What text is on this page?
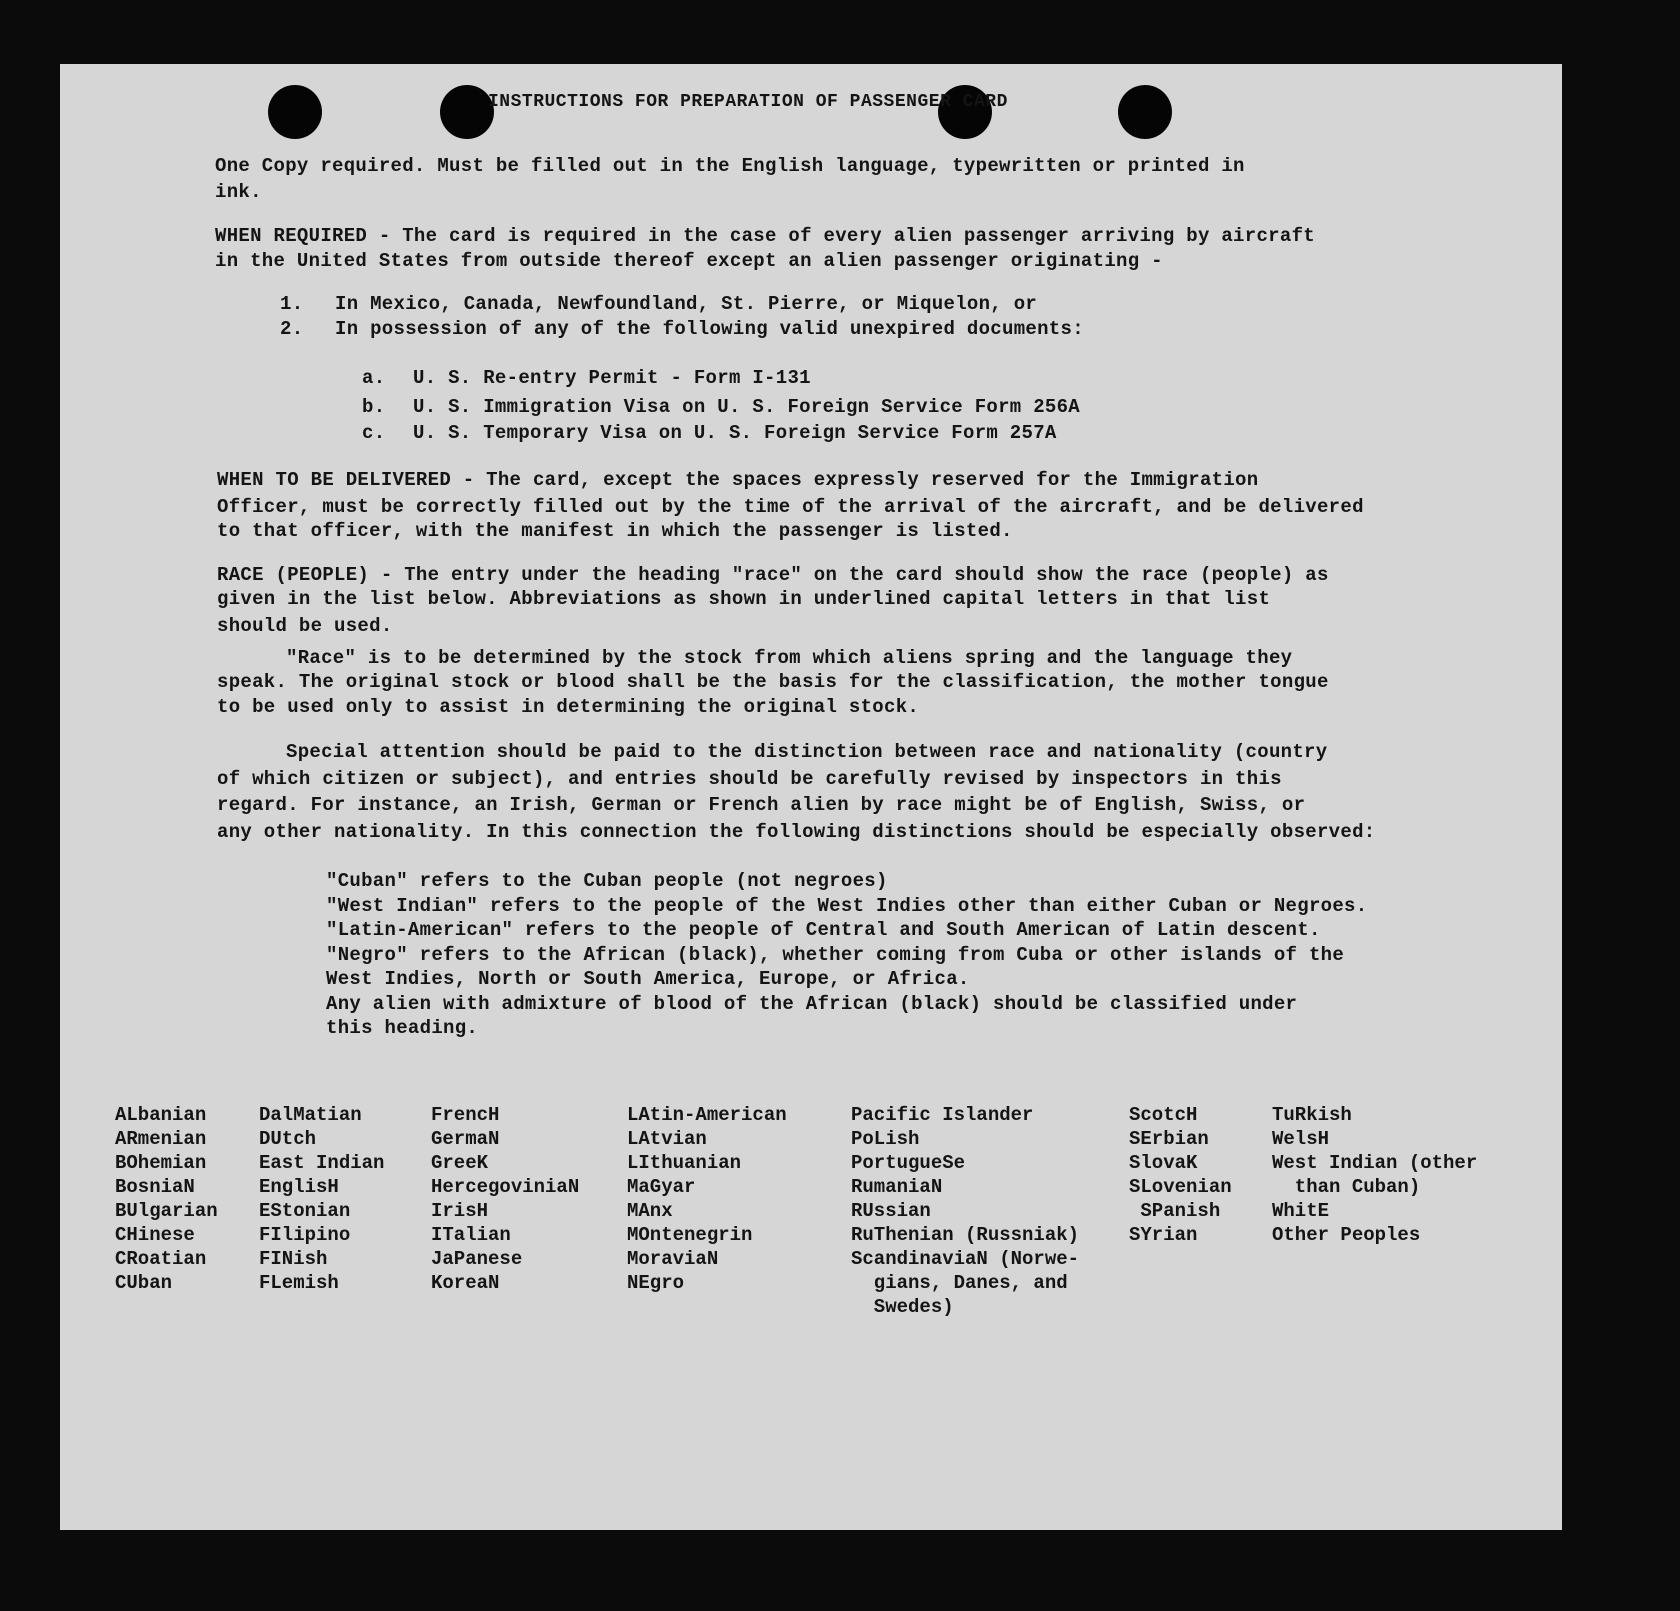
INSTRUCTIONS FOR PREPARATION OF PASSENGER CARD
One Copy required. Must be filled out in the English language, typewritten or printed in
ink.
WHEN REQUIRED - The card is required in the case of every alien passenger arriving by aircraft
in the United States from outside thereof except an alien passenger originating -
1. In Mexico, Canada, Newfoundland, St. Pierre, or Miquelon, or
2. In possession of any of the following valid unexpired documents:
a. U. S. Re-entry Permit - Form I-131
b. U. S. Immigration Visa on U. S. Foreign Service Form 256A
c. U. S. Temporary Visa on U. S. Foreign Service Form 257A
WHEN TO BE DELIVERED - The card, except the spaces expressly reserved for the Immigration
Officer, must be correctly filled out by the time of the arrival of the aircraft, and be delivered
to that officer, with the manifest in which the passenger is listed.
RACE (PEOPLE) - The entry under the heading "race" on the card should show the race (people) as
given in the list below. Abbreviations as shown in underlined capital letters in that list
should be used.
"Race" is to be determined by the stock from which aliens spring and the language they
speak. The original stock or blood shall be the basis for the classification, the mother tongue
to be used only to assist in determining the original stock.
Special attention should be paid to the distinction between race and nationality (country
of which citizen or subject), and entries should be carefully revised by inspectors in this
regard. For instance, an Irish, German or French alien by race might be of English, Swiss, or
any other nationality. In this connection the following distinctions should be especially observed:
"Cuban" refers to the Cuban people (not negroes)
"West Indian" refers to the people of the West Indies other than either Cuban or Negroes.
"Latin-American" refers to the people of Central and South American of Latin descent.
"Negro" refers to the African (black), whether coming from Cuba or other islands of the
West Indies, North or South America, Europe, or Africa.
Any alien with admixture of blood of the African (black) should be classified under
this heading.
ALbanian
ARmenian
BOhemian
BosniaN
BUlgarian
CHinese
CRoatian
CUban
DalMatian
DUtch
East Indian
EnglisH
EStonian
FIlipino
FINish
FLemish
FrencH
GermaN
GreeK
HercegoviniaN
IrisH
ITalian
JaPanese
KoreaN
LAtin-American
LAtvian
LIthuanian
MaGyar
MAnx
MOntenegrin
MoraviaN
NEgro
Pacific Islander
PoLish
PortugueSe
RumaniaN
RUssian
RuThenian (Russniak)
ScandinaviaN (Norwe-
gians, Danes, and
Swedes)
ScotcH
SErbian
SlovaK
SLovenian
SPanish
SYrian
TuRkish
WelsH
West Indian (other
than Cuban)
WhitE
Other Peoples
